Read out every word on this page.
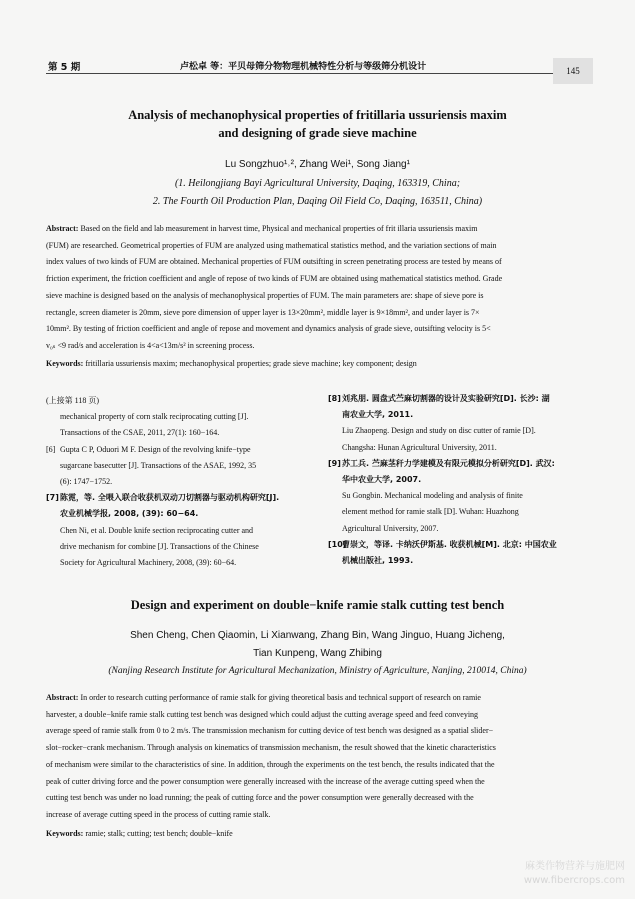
第 5 期	卢松卓 等：平贝母筛分物物理机械特性分析与等级筛分机设计	145
Analysis of mechanophysical properties of fritillaria ussuriensis maxim
and designing of grade sieve machine
Lu Songzhuo¹˒², Zhang Wei¹, Song Jiang¹
(1. Heilongjiang Bayi Agricultural University, Daqing, 163319, China;
2. The Fourth Oil Production Plan, Daqing Oil Field Co, Daqing, 163511, China)
Abstract: Based on the field and lab measurement in harvest time, Physical and mechanical properties of frit illaria ussuriensis maxim
(FUM) are researched. Geometrical properties of FUM are analyzed using mathematical statistics method, and the variation sections of main
index values of two kinds of FUM are obtained. Mechanical properties of FUM outsifting in screen penetrating process are tested by means of
friction experiment, the friction coefficient and angle of repose of two kinds of FUM are obtained using mathematical statistics method. Grade
sieve machine is designed based on the analysis of mechanophysical properties of FUM. The main parameters are: shape of sieve pore is
rectangle, screen diameter is 20mm, sieve pore dimension of upper layer is 13×20mm², middle layer is 9×18mm², and under layer is 7×
10mm². By testing of friction coefficient and angle of repose and movement and dynamics analysis of grade sieve, outsifting velocity is 5<
v₀ₛ <9 rad/s and acceleration is 4<a<13m/s² in screening process.
Keywords: fritillaria ussuriensis maxim; mechanophysical properties; grade sieve machine; key component; design
(上接第 118 页)
mechanical property of corn stalk reciprocating cutting [J].
Transactions of the CSAE, 2011, 27(1): 160−164.
[6] Gupta C P, Oduori M F. Design of the revolving knife−type
sugarcane basecutter [J]. Transactions of the ASAE, 1992, 35
(6): 1747−1752.
[7] 陈霓，等. 全喂入联合收获机双动刀切割器与驱动机构研究[J].
农业机械学报, 2008, (39): 60−64.
Chen Ni, et al. Double knife section reciprocating cutter and
drive mechanism for combine [J]. Transactions of the Chinese
Society for Agricultural Machinery, 2008, (39): 60−64.
[8] 刘兆朋. 圆盘式苎麻切割器的设计及实验研究[D]. 长沙: 湖
南农业大学, 2011.
Liu Zhaopeng. Design and study on disc cutter of ramie [D].
Changsha: Hunan Agricultural University, 2011.
[9] 苏工兵. 苎麻茎秆力学建模及有限元模拟分析研究[D]. 武汉:
华中农业大学, 2007.
Su Gongbin. Mechanical modeling and analysis of finite
element method for ramie stalk [D]. Wuhan: Huazhong
Agricultural University, 2007.
[10]
曹崇文，等译. 卡纳沃伊斯基. 收获机械[M]. 北京: 中国农业
机械出版社, 1993.
Design and experiment on double−knife ramie stalk cutting test bench
Shen Cheng, Chen Qiaomin, Li Xianwang, Zhang Bin, Wang Jinguo, Huang Jicheng,
Tian Kunpeng, Wang Zhibing
(Nanjing Research Institute for Agricultural Mechanization, Ministry of Agriculture, Nanjing, 210014, China)
Abstract: In order to research cutting performance of ramie stalk for giving theoretical basis and technical support of research on ramie
harvester, a double−knife ramie stalk cutting test bench was designed which could adjust the cutting average speed and feed conveying
average speed of ramie stalk from 0 to 2 m/s. The transmission mechanism for cutting device of test bench was designed as a spatial slider−
slot−rocker−crank mechanism. Through analysis on kinematics of transmission mechanism, the result showed that the kinetic characteristics
of mechanism were similar to the characteristics of sine. In addition, through the experiments on the test bench, the results indicated that the
peak of cutter driving force and the power consumption were generally increased with the increase of the average cutting speed when the
cutting test bench was under no load running; the peak of cutting force and the power consumption were generally decreased with the
increase of average cutting speed in the process of cutting ramie stalk.
Keywords: ramie; stalk; cutting; test bench; double−knife
麻类作物营养与施肥网
www.fibercrops.com
